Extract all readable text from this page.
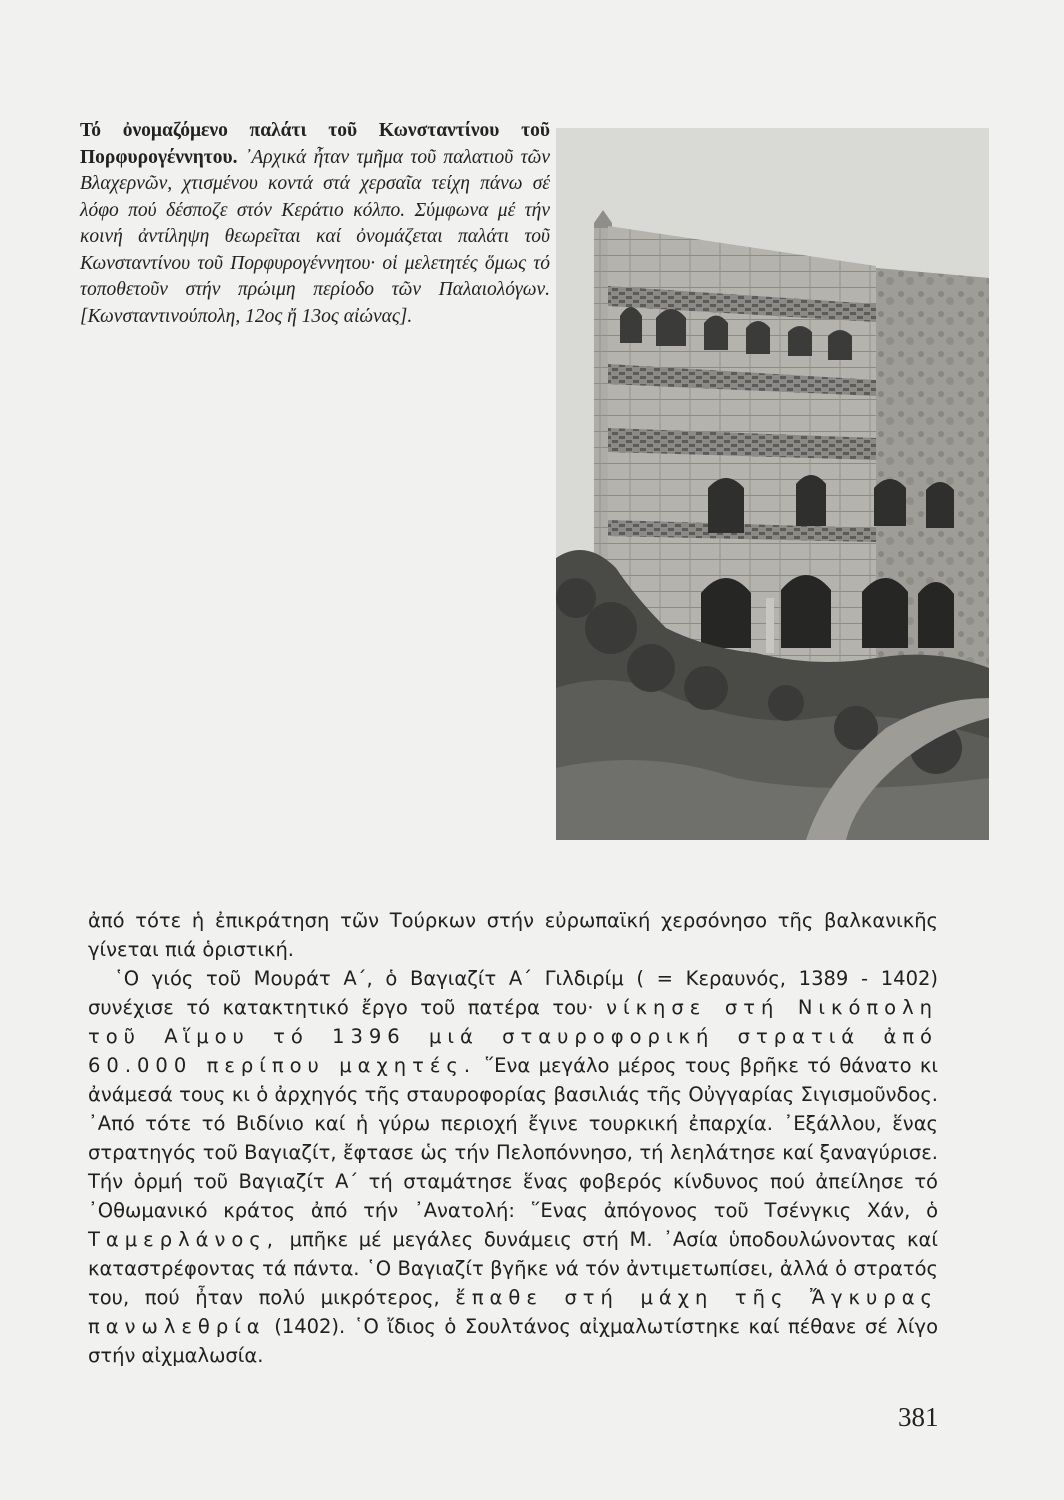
Τό ὀνομαζόμενο παλάτι τοῦ Κωνσταντίνου τοῦ Πορφυρογέννητου. ᾿Αρχικά ἦταν τμῆμα τοῦ παλατιοῦ τῶν Βλαχερνῶν, χτισμένου κοντά στά χερσαῖα τείχη πάνω σέ λόφο πού δέσποζε στόν Κεράτιο κόλπο. Σύμφωνα μέ τήν κοινή ἀντίληψη θεωρεῖται καί ὀνομάζεται παλάτι τοῦ Κωνσταντίνου τοῦ Πορφυρογέννητου· οἱ μελετητές ὅμως τό τοποθετοῦν στήν πρώιμη περίοδο τῶν Παλαιολόγων. [Κωνσταντινούπολη, 12ος ἤ 13ος αἰώνας].

ἀπό τότε ἡ ἐπικράτηση τῶν Τούρκων στήν εὐρωπαϊκή χερσόνησο τῆς βαλκανικῆς γίνεται πιά ὁριστική.

῾Ο γιός τοῦ Μουράτ Α΄, ὁ Βαγιαζίτ Α΄ Γιλδιρίμ ( = Κεραυνός, 1389 - 1402) συνέχισε τό κατακτητικό ἔργο τοῦ πατέρα του· νίκησε στή Νικόπολη τοῦ Αἵμου τό 1396 μιά σταυροφορική στρατιά ἀπό 60.000 περίπου μαχητές. ῞Ενα μεγάλο μέρος τους βρῆκε τό θάνατο κι ἀνάμεσά τους κι ὁ ἀρχηγός τῆς σταυροφορίας βασιλιάς τῆς Οὐγγαρίας Σιγισμοῦνδος. ᾿Από τότε τό Βιδίνιο καί ἡ γύρω περιοχή ἔγινε τουρκική ἐπαρχία. ᾿Εξάλλου, ἕνας στρατηγός τοῦ Βαγιαζίτ, ἔφτασε ὡς τήν Πελοπόννησο, τή λεηλάτησε καί ξαναγύρισε. Τήν ὁρμή τοῦ Βαγιαζίτ Α΄ τή σταμάτησε ἕνας φοβερός κίνδυνος πού ἀπείλησε τό ᾿Οθωμανικό κράτος ἀπό τήν ᾿Ανατολή: ῞Ενας ἀπόγονος τοῦ Τσένγκις Χάν, ὁ Ταμερλάνος, μπῆκε μέ μεγάλες δυνάμεις στή Μ. ᾿Ασία ὑποδουλώνοντας καί καταστρέφοντας τά πάντα. ῾Ο Βαγιαζίτ βγῆκε νά τόν ἀντιμετωπίσει, ἀλλά ὁ στρατός του, πού ἦταν πολύ μικρότερος, ἔπαθε στή μάχη τῆς Ἄγκυρας πανωλεθρία (1402). ῾Ο ἴδιος ὁ Σουλτάνος αἰχμαλωτίστηκε καί πέθανε σέ λίγο στήν αἰχμαλωσία.

381
